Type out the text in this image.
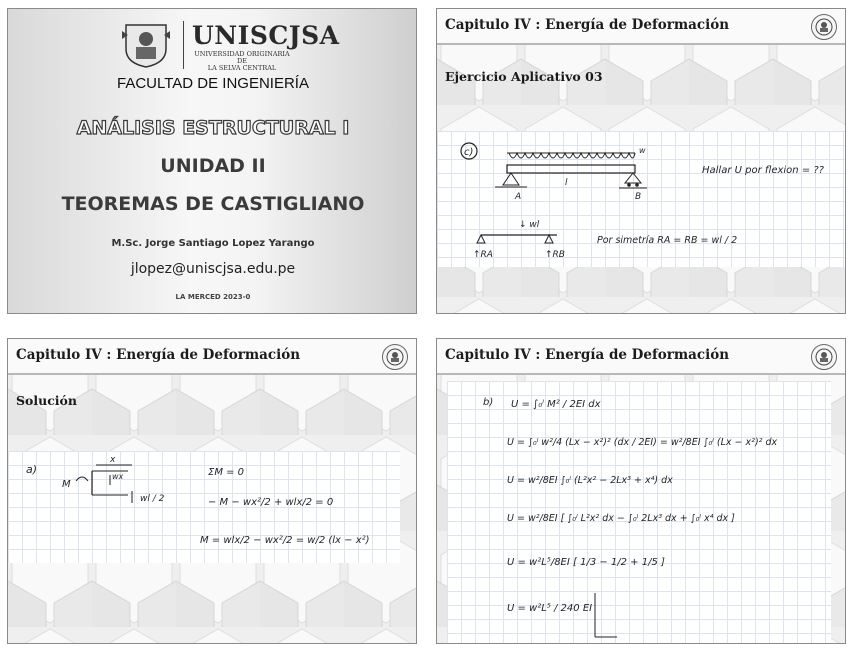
UNISCJSA
UNIVERSIDAD ORIGINARIA DE
LA SELVA CENTRAL
FACULTAD DE INGENIERÍA
ANÁLISIS ESTRUCTURAL I
UNIDAD II
TEOREMAS DE CASTIGLIANO
M.Sc. Jorge Santiago Lopez Yarango
jlopez@uniscjsa.edu.pe
LA MERCED 2023-0
Capitulo IV : Energía de Deformación
Ejercicio Aplicativo 03
c)	w
l
A	B
Hallar U por flexion = ??
↓ wl
↑RA	↑RB
Por simetría RA = RB = wl / 2
Capitulo IV : Energía de Deformación
Solución
a)
M
x
wx
wl / 2
ΣM = 0
− M − wx²/2 + wlx/2 = 0
M = wlx/2 − wx²/2 = w/2 (lx − x²)
Capitulo IV : Energía de Deformación
b) U = ∫₀ˡ M² / 2EI dx
U = ∫₀ˡ w²/4 (Lx − x²)² (dx / 2EI) = w²/8EI ∫₀ˡ (Lx − x²)² dx
U = w²/8EI ∫₀ˡ (L²x² − 2Lx³ + x⁴) dx
U = w²/8EI [ ∫₀ˡ L²x² dx − ∫₀ˡ 2Lx³ dx + ∫₀ˡ x⁴ dx ]
U = w²L⁵/8EI [ 1/3 − 1/2 + 1/5 ]
U = w²L⁵ / 240 EI
